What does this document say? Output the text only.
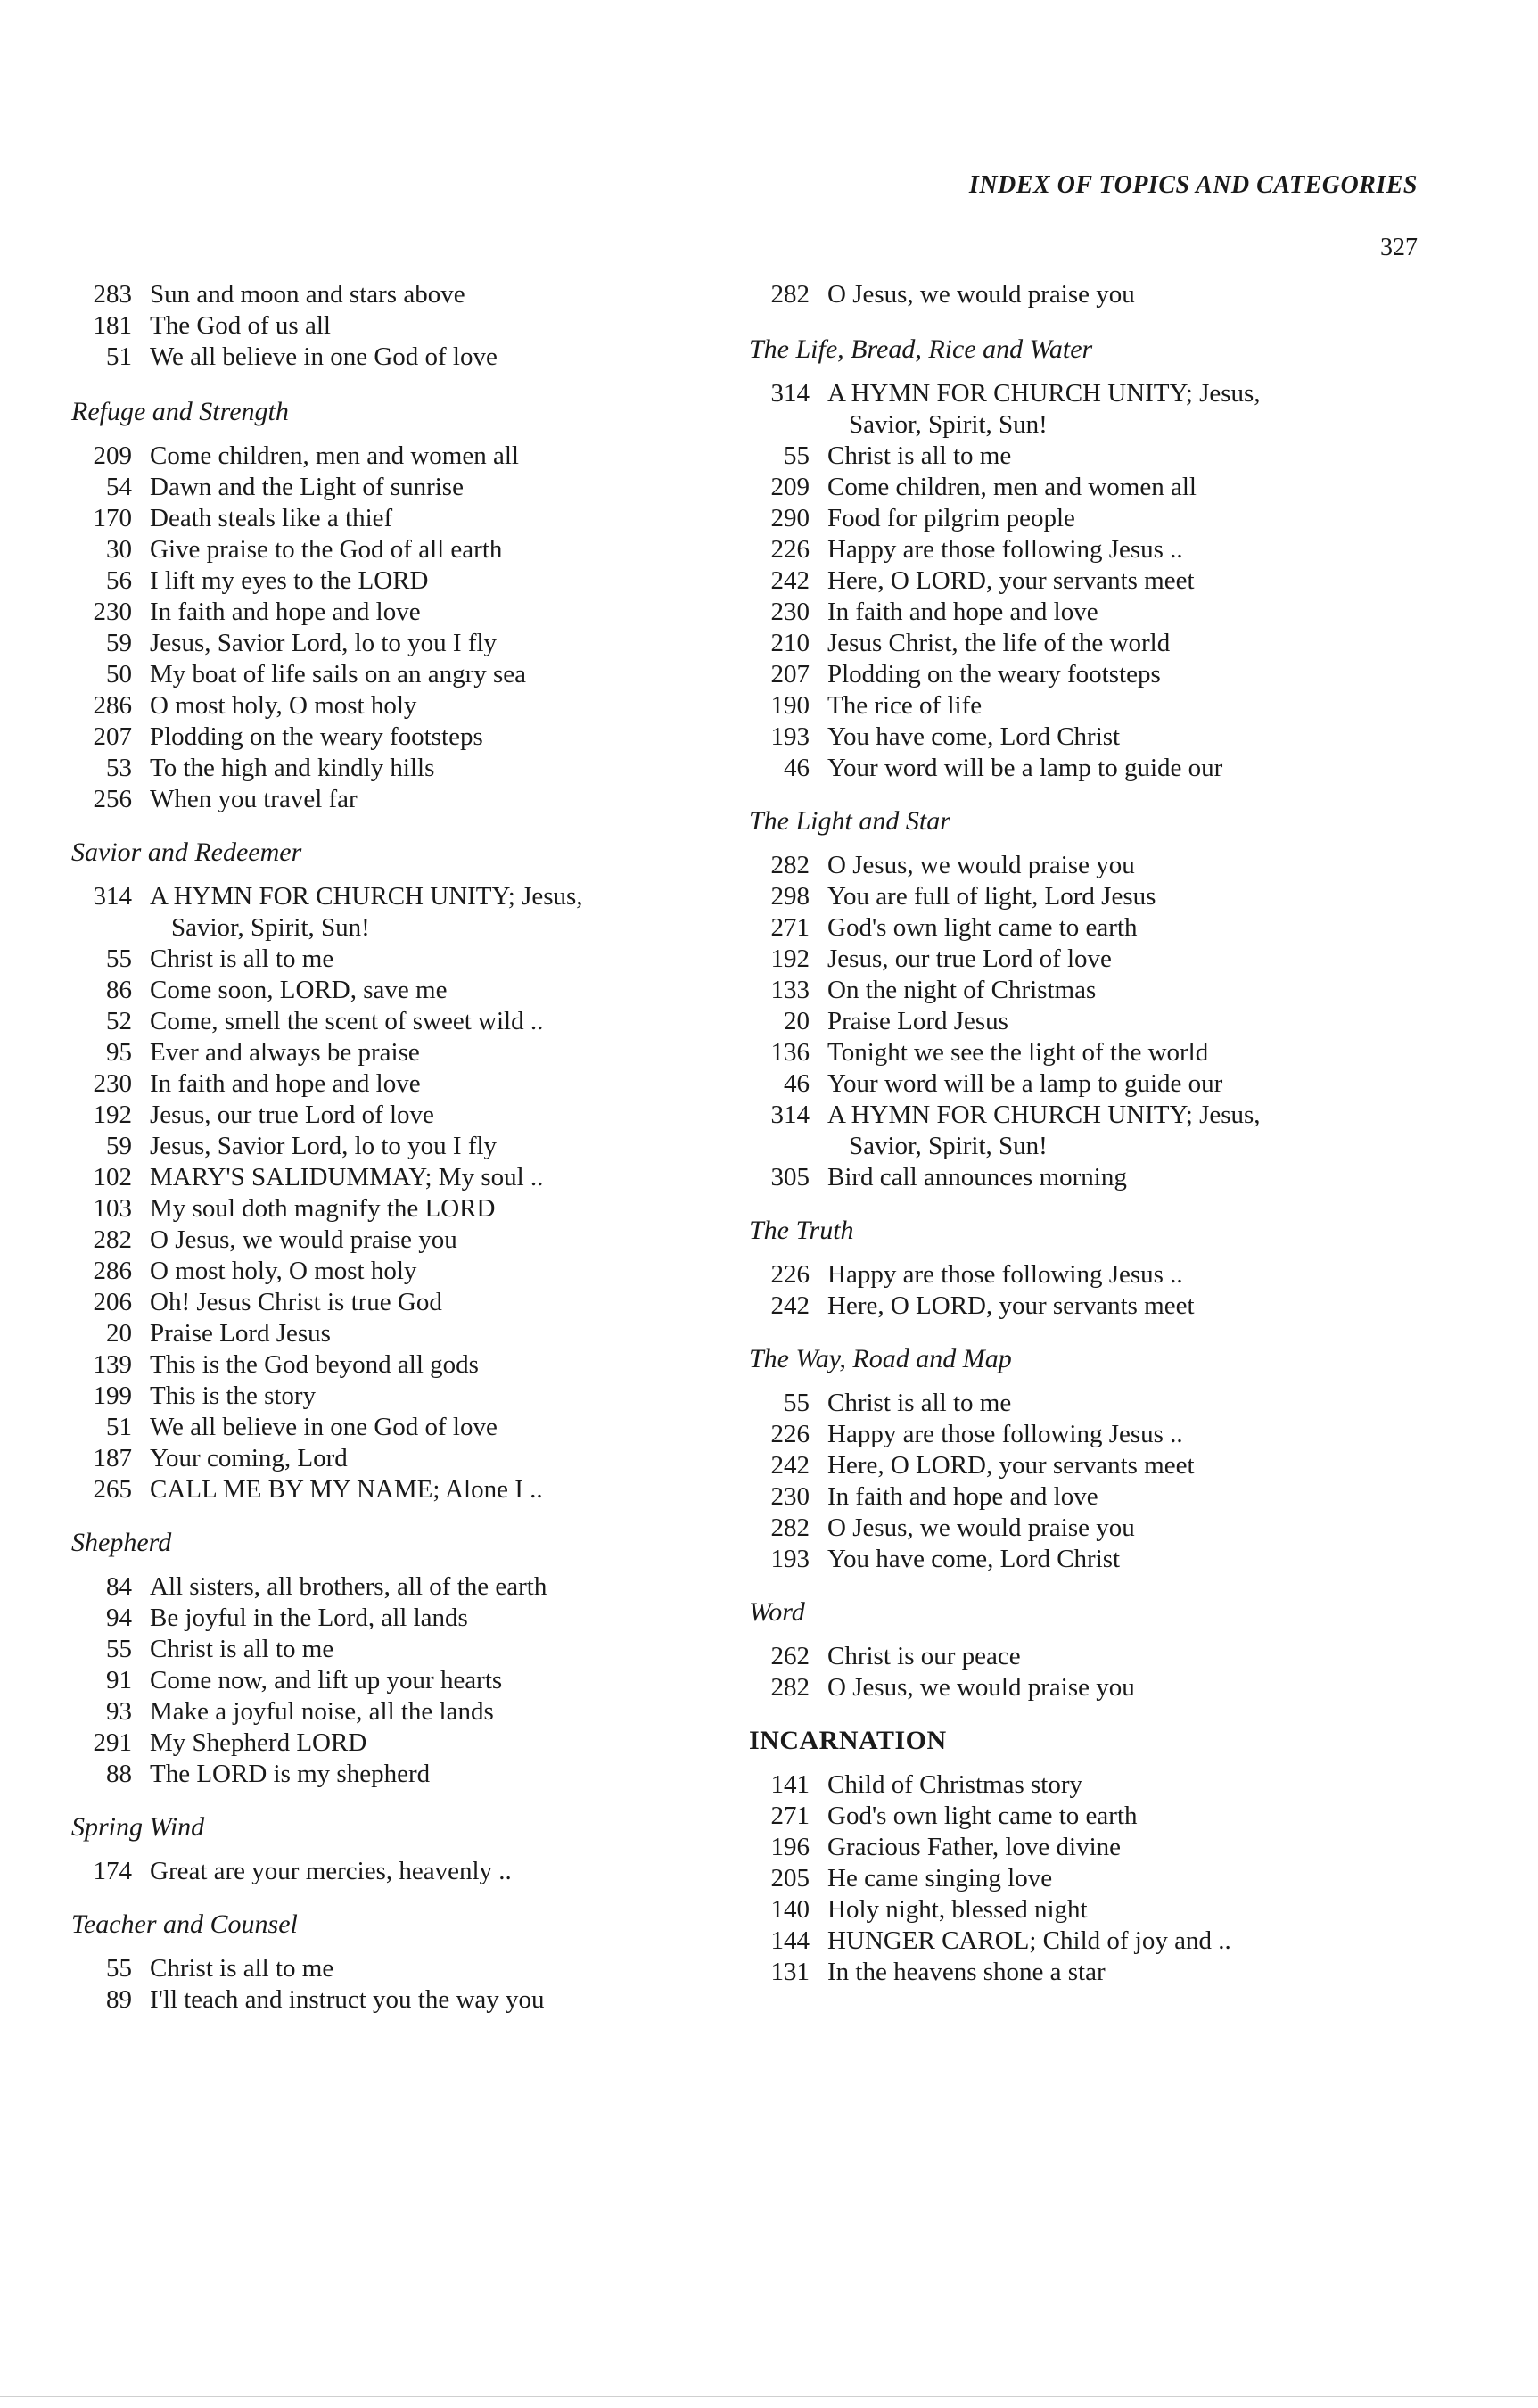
INDEX OF TOPICS AND CATEGORIES
327
283 Sun and moon and stars above
181 The God of us all
51 We all believe in one God of love
Refuge and Strength
209 Come children, men and women all
54 Dawn and the Light of sunrise
170 Death steals like a thief
30 Give praise to the God of all earth
56 I lift my eyes to the LORD
230 In faith and hope and love
59 Jesus, Savior Lord, lo to you I fly
50 My boat of life sails on an angry sea
286 O most holy, O most holy
207 Plodding on the weary footsteps
53 To the high and kindly hills
256 When you travel far
Savior and Redeemer
314 A HYMN FOR CHURCH UNITY; Jesus,
Savior, Spirit, Sun!
55 Christ is all to me
86 Come soon, LORD, save me
52 Come, smell the scent of sweet wild ..
95 Ever and always be praise
230 In faith and hope and love
192 Jesus, our true Lord of love
59 Jesus, Savior Lord, lo to you I fly
102 MARY'S SALIDUMMAY; My soul ..
103 My soul doth magnify the LORD
282 O Jesus, we would praise you
286 O most holy, O most holy
206 Oh! Jesus Christ is true God
20 Praise Lord Jesus
139 This is the God beyond all gods
199 This is the story
51 We all believe in one God of love
187 Your coming, Lord
265 CALL ME BY MY NAME; Alone I ..
Shepherd
84 All sisters, all brothers, all of the earth
94 Be joyful in the Lord, all lands
55 Christ is all to me
91 Come now, and lift up your hearts
93 Make a joyful noise, all the lands
291 My Shepherd LORD
88 The LORD is my shepherd
Spring Wind
174 Great are your mercies, heavenly ..
Teacher and Counsel
55 Christ is all to me
89 I'll teach and instruct you the way you
282 O Jesus, we would praise you
The Life, Bread, Rice and Water
314 A HYMN FOR CHURCH UNITY; Jesus,
Savior, Spirit, Sun!
55 Christ is all to me
209 Come children, men and women all
290 Food for pilgrim people
226 Happy are those following Jesus ..
242 Here, O LORD, your servants meet
230 In faith and hope and love
210 Jesus Christ, the life of the world
207 Plodding on the weary footsteps
190 The rice of life
193 You have come, Lord Christ
46 Your word will be a lamp to guide our
The Light and Star
282 O Jesus, we would praise you
298 You are full of light, Lord Jesus
271 God's own light came to earth
192 Jesus, our true Lord of love
133 On the night of Christmas
20 Praise Lord Jesus
136 Tonight we see the light of the world
46 Your word will be a lamp to guide our
314 A HYMN FOR CHURCH UNITY; Jesus,
Savior, Spirit, Sun!
305 Bird call announces morning
The Truth
226 Happy are those following Jesus ..
242 Here, O LORD, your servants meet
The Way, Road and Map
55 Christ is all to me
226 Happy are those following Jesus ..
242 Here, O LORD, your servants meet
230 In faith and hope and love
282 O Jesus, we would praise you
193 You have come, Lord Christ
Word
262 Christ is our peace
282 O Jesus, we would praise you
INCARNATION
141 Child of Christmas story
271 God's own light came to earth
196 Gracious Father, love divine
205 He came singing love
140 Holy night, blessed night
144 HUNGER CAROL; Child of joy and ..
131 In the heavens shone a star
